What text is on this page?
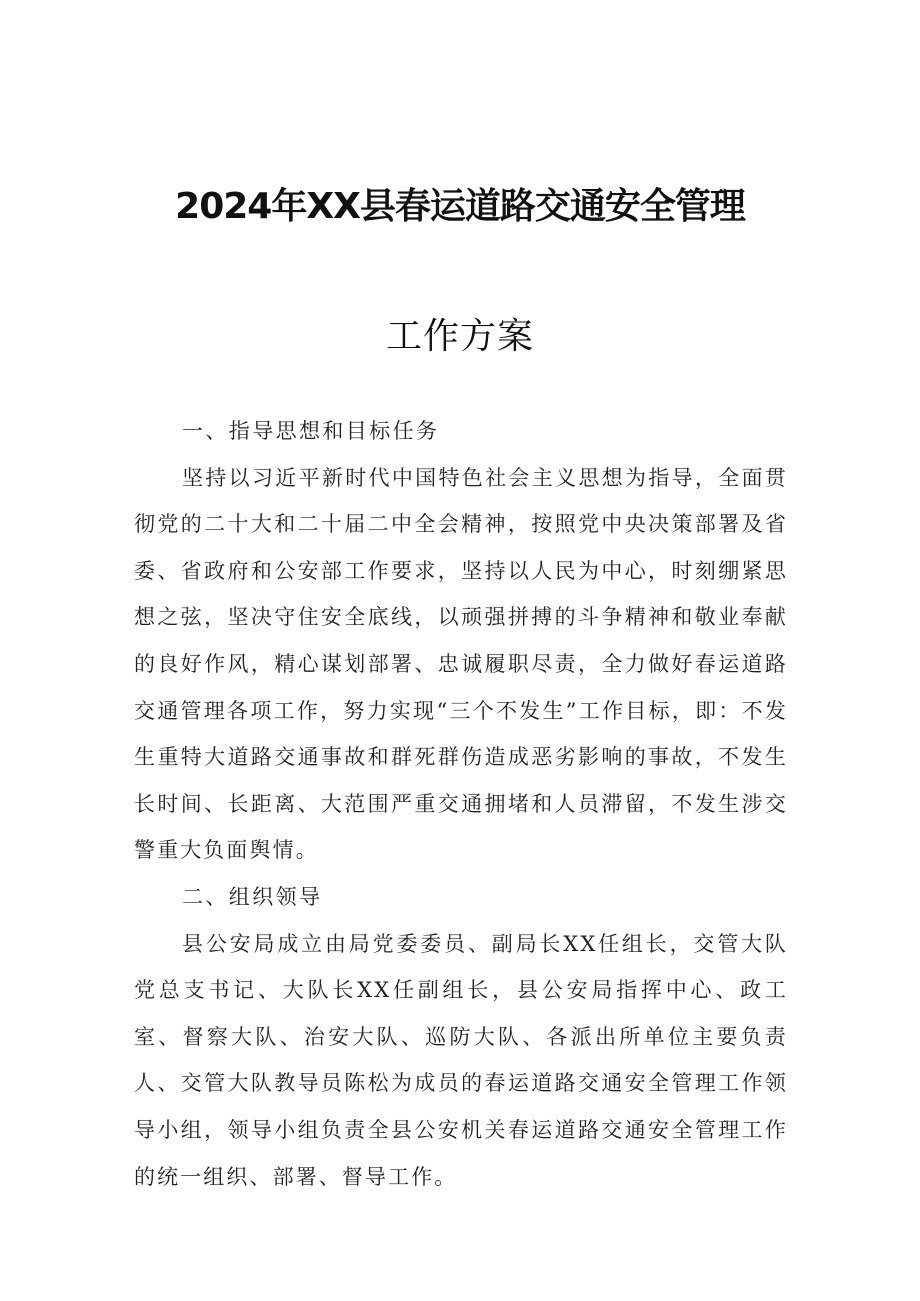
2024年XX县春运道路交通安全管理
工作方案

一、指导思想和目标任务

坚持以习近平新时代中国特色社会主义思想为指导，全面贯彻党的二十大和二十届二中全会精神，按照党中央决策部署及省委、省政府和公安部工作要求，坚持以人民为中心，时刻绷紧思想之弦，坚决守住安全底线，以顽强拼搏的斗争精神和敬业奉献的良好作风，精心谋划部署、忠诚履职尽责，全力做好春运道路交通管理各项工作，努力实现“三个不发生”工作目标，即：不发生重特大道路交通事故和群死群伤造成恶劣影响的事故，不发生长时间、长距离、大范围严重交通拥堵和人员滞留，不发生涉交警重大负面舆情。

二、组织领导

县公安局成立由局党委委员、副局长XX任组长，交管大队党总支书记、大队长XX任副组长，县公安局指挥中心、政工室、督察大队、治安大队、巡防大队、各派出所单位主要负责人、交管大队教导员陈松为成员的春运道路交通安全管理工作领导小组，领导小组负责全县公安机关春运道路交通安全管理工作的统一组织、部署、督导工作。
